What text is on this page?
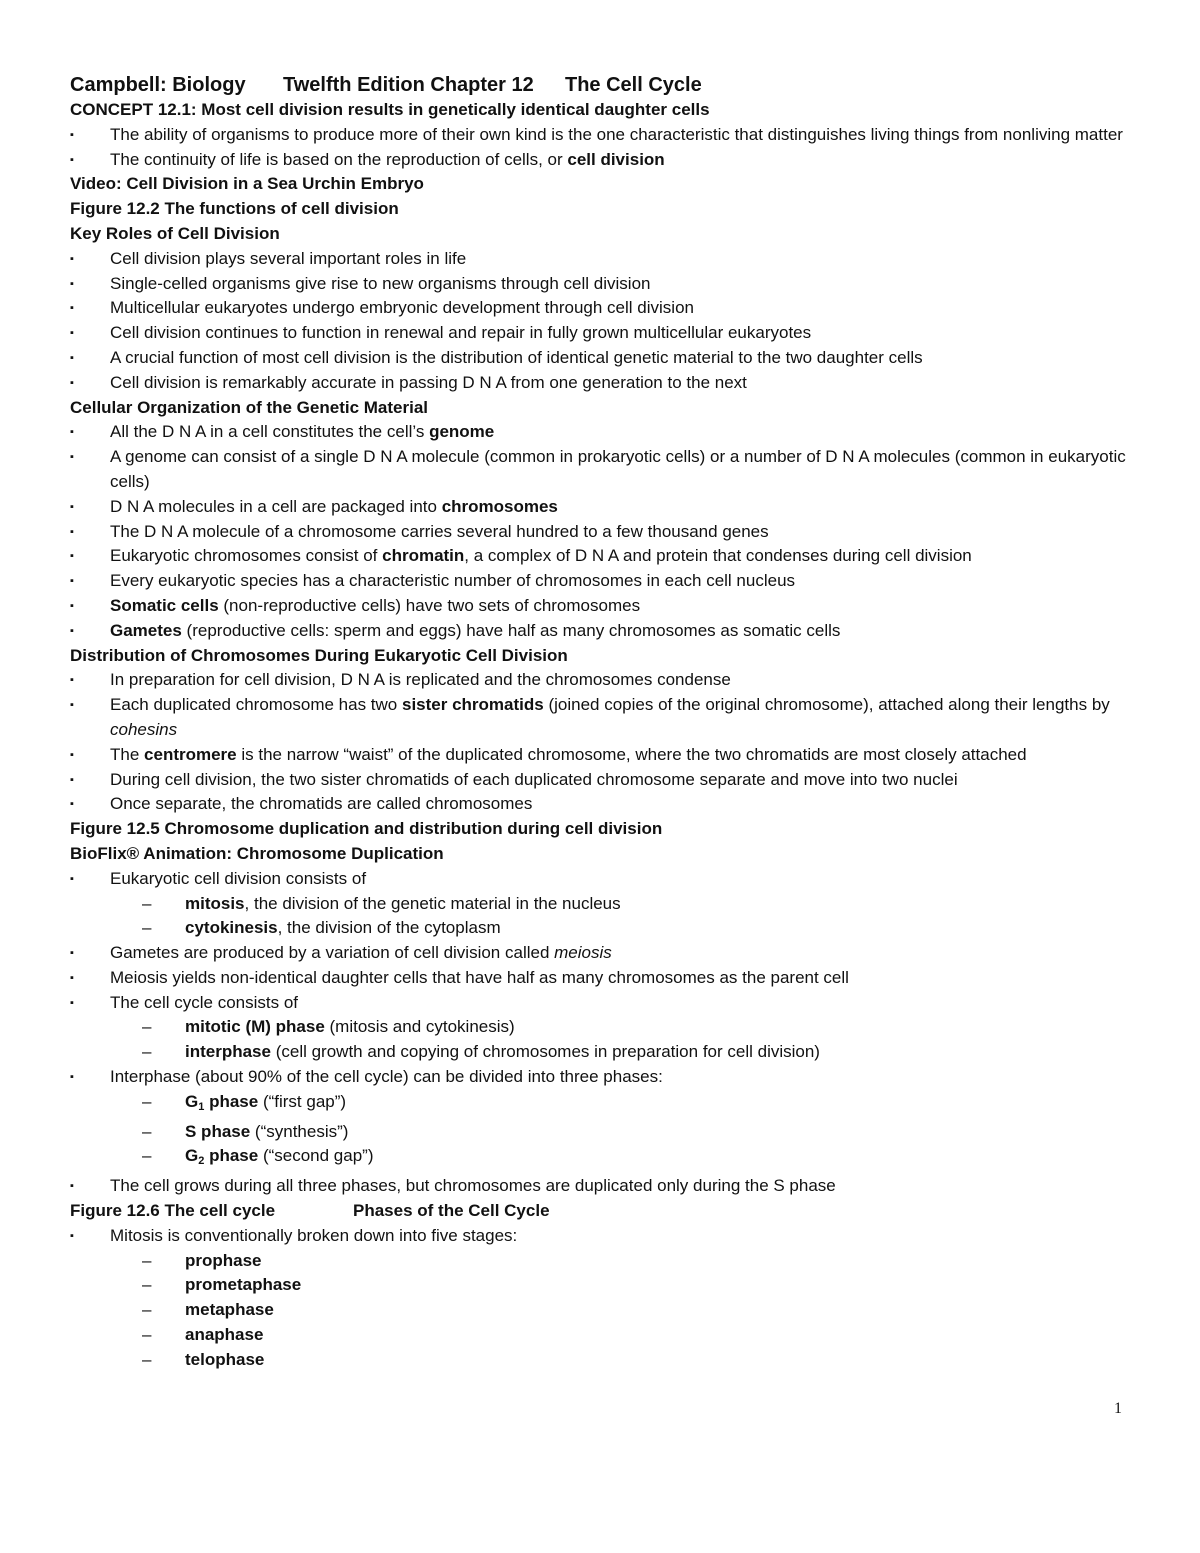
Campbell: Biology Twelfth Edition Chapter 12 The Cell Cycle
CONCEPT 12.1: Most cell division results in genetically identical daughter cells
▪ The ability of organisms to produce more of their own kind is the one characteristic that distinguishes living things from nonliving matter
▪ The continuity of life is based on the reproduction of cells, or cell division
Video: Cell Division in a Sea Urchin Embryo
Figure 12.2 The functions of cell division
Key Roles of Cell Division
▪ Cell division plays several important roles in life
▪ Single-celled organisms give rise to new organisms through cell division
▪ Multicellular eukaryotes undergo embryonic development through cell division
▪ Cell division continues to function in renewal and repair in fully grown multicellular eukaryotes
▪ A crucial function of most cell division is the distribution of identical genetic material to the two daughter cells
▪ Cell division is remarkably accurate in passing D N A from one generation to the next
Cellular Organization of the Genetic Material
▪ All the D N A in a cell constitutes the cell’s genome
▪ A genome can consist of a single D N A molecule (common in prokaryotic cells) or a number of D N A molecules (common in eukaryotic cells)
▪ D N A molecules in a cell are packaged into chromosomes
▪ The D N A molecule of a chromosome carries several hundred to a few thousand genes
▪ Eukaryotic chromosomes consist of chromatin, a complex of D N A and protein that condenses during cell division
▪ Every eukaryotic species has a characteristic number of chromosomes in each cell nucleus
▪ Somatic cells (non-reproductive cells) have two sets of chromosomes
▪ Gametes (reproductive cells: sperm and eggs) have half as many chromosomes as somatic cells
Distribution of Chromosomes During Eukaryotic Cell Division
▪ In preparation for cell division, D N A is replicated and the chromosomes condense
▪ Each duplicated chromosome has two sister chromatids (joined copies of the original chromosome), attached along their lengths by cohesins
▪ The centromere is the narrow “waist” of the duplicated chromosome, where the two chromatids are most closely attached
▪ During cell division, the two sister chromatids of each duplicated chromosome separate and move into two nuclei
▪ Once separate, the chromatids are called chromosomes
Figure 12.5 Chromosome duplication and distribution during cell division
BioFlix® Animation: Chromosome Duplication
▪ Eukaryotic cell division consists of
– mitosis, the division of the genetic material in the nucleus
– cytokinesis, the division of the cytoplasm
▪ Gametes are produced by a variation of cell division called meiosis
▪ Meiosis yields non-identical daughter cells that have half as many chromosomes as the parent cell
▪ The cell cycle consists of
– mitotic (M) phase (mitosis and cytokinesis)
– interphase (cell growth and copying of chromosomes in preparation for cell division)
▪ Interphase (about 90% of the cell cycle) can be divided into three phases:
– $G_1$ phase (“first gap”)
– S phase (“synthesis”)
– $G_2$ phase (“second gap”)
▪ The cell grows during all three phases, but chromosomes are duplicated only during the S phase
Figure 12.6 The cell cycle	Phases of the Cell Cycle
▪ Mitosis is conventionally broken down into five stages:
– prophase
– prometaphase
– metaphase
– anaphase
– telophase
1
